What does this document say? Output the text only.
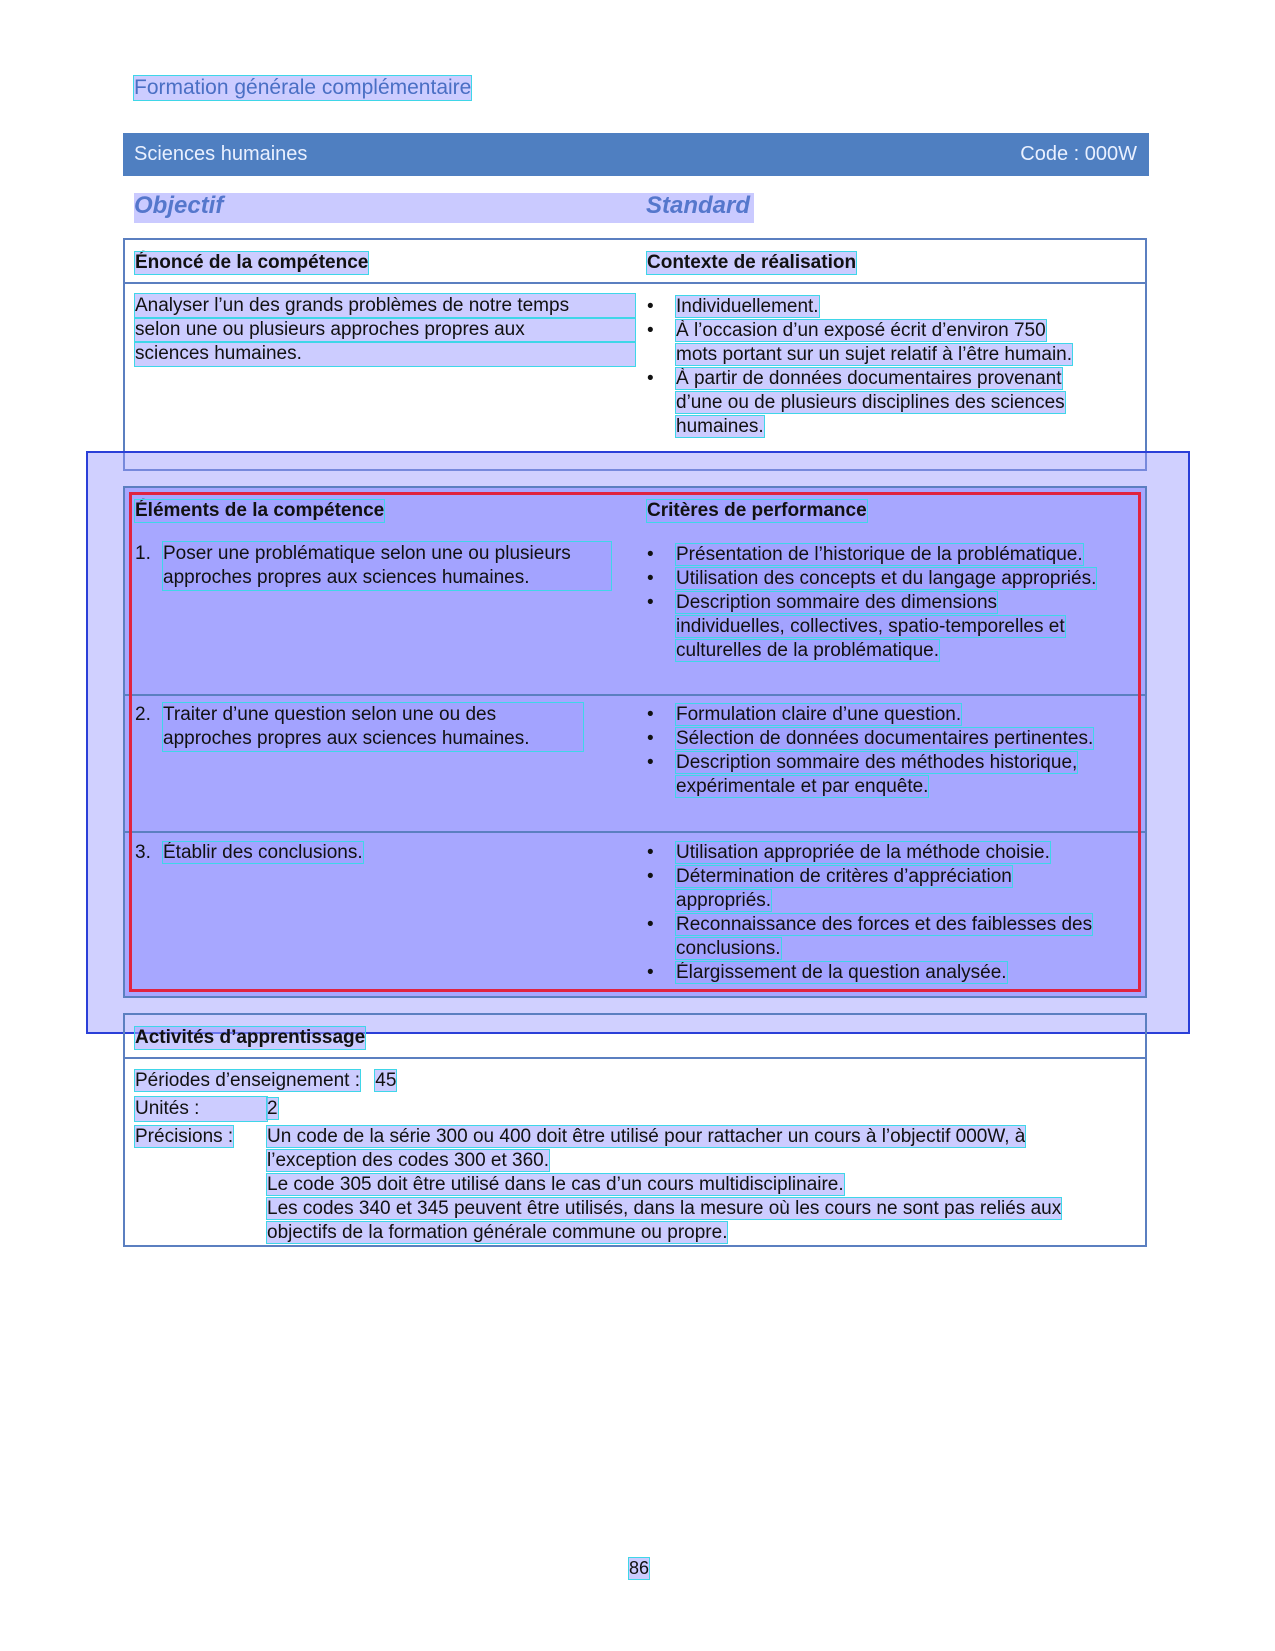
Formation générale complémentaire
Sciences humaines	Code : 000W
Objectif	Standard
Énoncé de la compétence	Contexte de réalisation
Analyser l’un des grands problèmes de notre temps
selon une ou plusieurs approches propres aux
sciences humaines.
• Individuellement.
• À l’occasion d’un exposé écrit d’environ 750 mots portant sur un sujet relatif à l’être humain.
• À partir de données documentaires provenant d’une ou de plusieurs disciplines des sciences humaines.
Éléments de la compétence	Critères de performance
1. Poser une problématique selon une ou plusieurs approches propres aux sciences humaines.
• Présentation de l’historique de la problématique.
• Utilisation des concepts et du langage appropriés.
• Description sommaire des dimensions individuelles, collectives, spatio-temporelles et culturelles de la problématique.
2. Traiter d’une question selon une ou des approches propres aux sciences humaines.
• Formulation claire d’une question.
• Sélection de données documentaires pertinentes.
• Description sommaire des méthodes historique, expérimentale et par enquête.
3. Établir des conclusions.
•	Utilisation appropriée de la méthode choisie.
• Détermination de critères d’appréciation appropriés.
• Reconnaissance des forces et des faiblesses des conclusions.
• Élargissement de la question analysée.
Activités d’apprentissage
Périodes d’enseignement : 45
Unités :	2
Précisions : Un code de la série 300 ou 400 doit être utilisé pour rattacher un cours à l’objectif 000W, à
l’exception des codes 300 et 360.
Le code 305 doit être utilisé dans le cas d’un cours multidisciplinaire.
Les codes 340 et 345 peuvent être utilisés, dans la mesure où les cours ne sont pas reliés aux
objectifs de la formation générale commune ou propre.
86
